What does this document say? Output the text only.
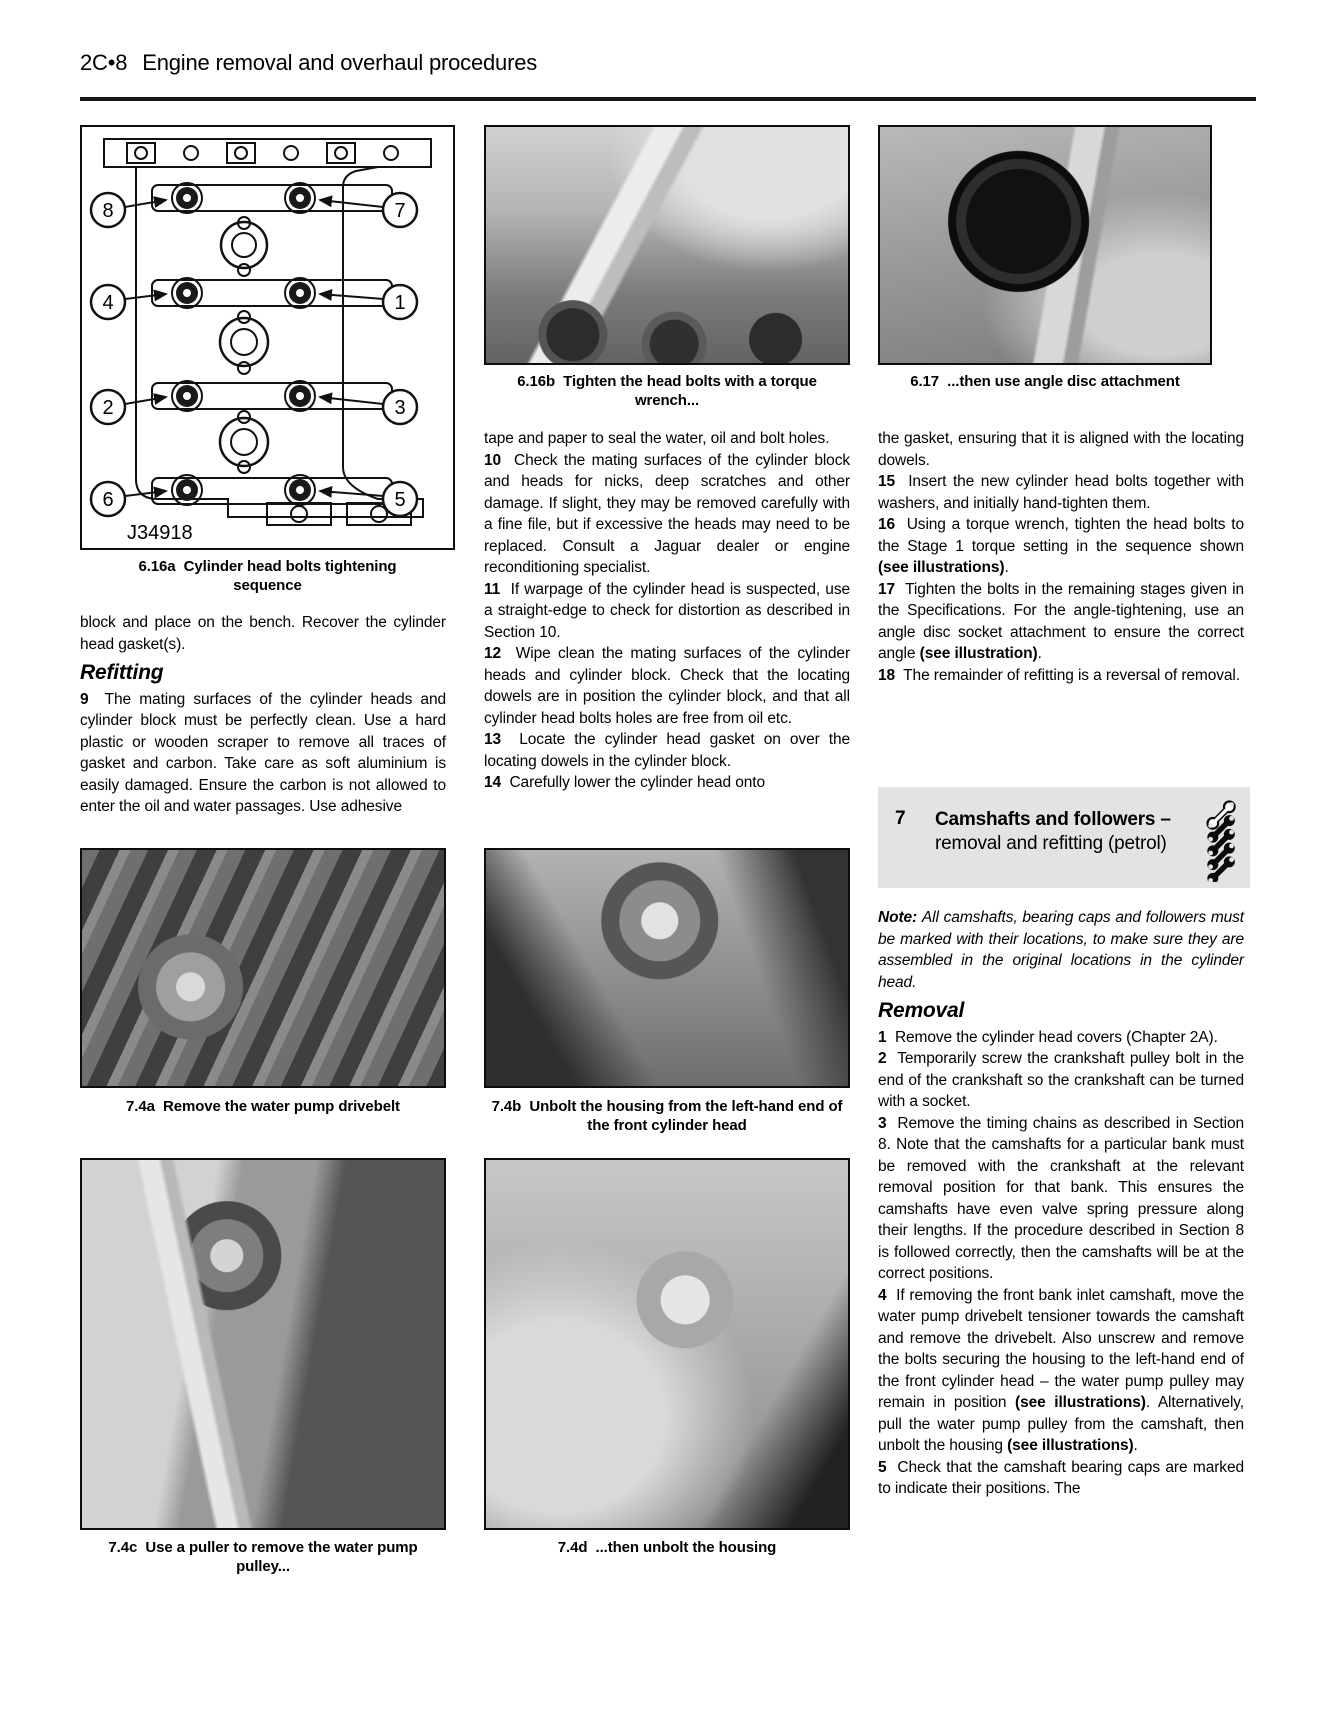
2C•8 Engine removal and overhaul procedures
8	7
4	1
2	3
6	5
J34918
6.16a  Cylinder head bolts tightening sequence
6.16b  Tighten the head bolts with a torque wrench...
6.17  ...then use angle disc attachment

block and place on the bench. Recover the cylinder head gasket(s).

Refitting

9  The mating surfaces of the cylinder heads and cylinder block must be perfectly clean. Use a hard plastic or wooden scraper to remove all traces of gasket and carbon. Take care as soft aluminium is easily damaged. Ensure the carbon is not allowed to enter the oil and water passages. Use adhesive

7.4a  Remove the water pump drivebelt
7.4c  Use a puller to remove the water pump pulley...

tape and paper to seal the water, oil and bolt holes.

10  Check the mating surfaces of the cylinder block and heads for nicks, deep scratches and other damage. If slight, they may be removed carefully with a fine file, but if excessive the heads may need to be replaced. Consult a Jaguar dealer or engine reconditioning specialist.

11  If warpage of the cylinder head is suspected, use a straight-edge to check for distortion as described in Section 10.

12  Wipe clean the mating surfaces of the cylinder heads and cylinder block. Check that the locating dowels are in position the cylinder block, and that all cylinder head bolts holes are free from oil etc.

13  Locate the cylinder head gasket on over the locating dowels in the cylinder block.

14  Carefully lower the cylinder head onto

7.4b  Unbolt the housing from the left-hand end of the front cylinder head
7.4d  ...then unbolt the housing

the gasket, ensuring that it is aligned with the locating dowels.

15  Insert the new cylinder head bolts together with washers, and initially hand-tighten them.

16  Using a torque wrench, tighten the head bolts to the Stage 1 torque setting in the sequence shown (see illustrations).

17  Tighten the bolts in the remaining stages given in the Specifications. For the angle-tightening, use an angle disc socket attachment to ensure the correct angle (see illustration).

18  The remainder of refitting is a reversal of removal.

7 Camshafts and followers –
removal and refitting (petrol)

Note: All camshafts, bearing caps and followers must be marked with their locations, to make sure they are assembled in the original locations in the cylinder head.

Removal

1  Remove the cylinder head covers (Chapter 2A).

2  Temporarily screw the crankshaft pulley bolt in the end of the crankshaft so the crankshaft can be turned with a socket.

3  Remove the timing chains as described in Section 8. Note that the camshafts for a particular bank must be removed with the crankshaft at the relevant removal position for that bank. This ensures the camshafts have even valve spring pressure along their lengths. If the procedure described in Section 8 is followed correctly, then the camshafts will be at the correct positions.

4  If removing the front bank inlet camshaft, move the water pump drivebelt tensioner towards the camshaft and remove the drivebelt. Also unscrew and remove the bolts securing the housing to the left-hand end of the front cylinder head – the water pump pulley may remain in position (see illustrations). Alternatively, pull the water pump pulley from the camshaft, then unbolt the housing (see illustrations).

5  Check that the camshaft bearing caps are marked to indicate their positions. The
